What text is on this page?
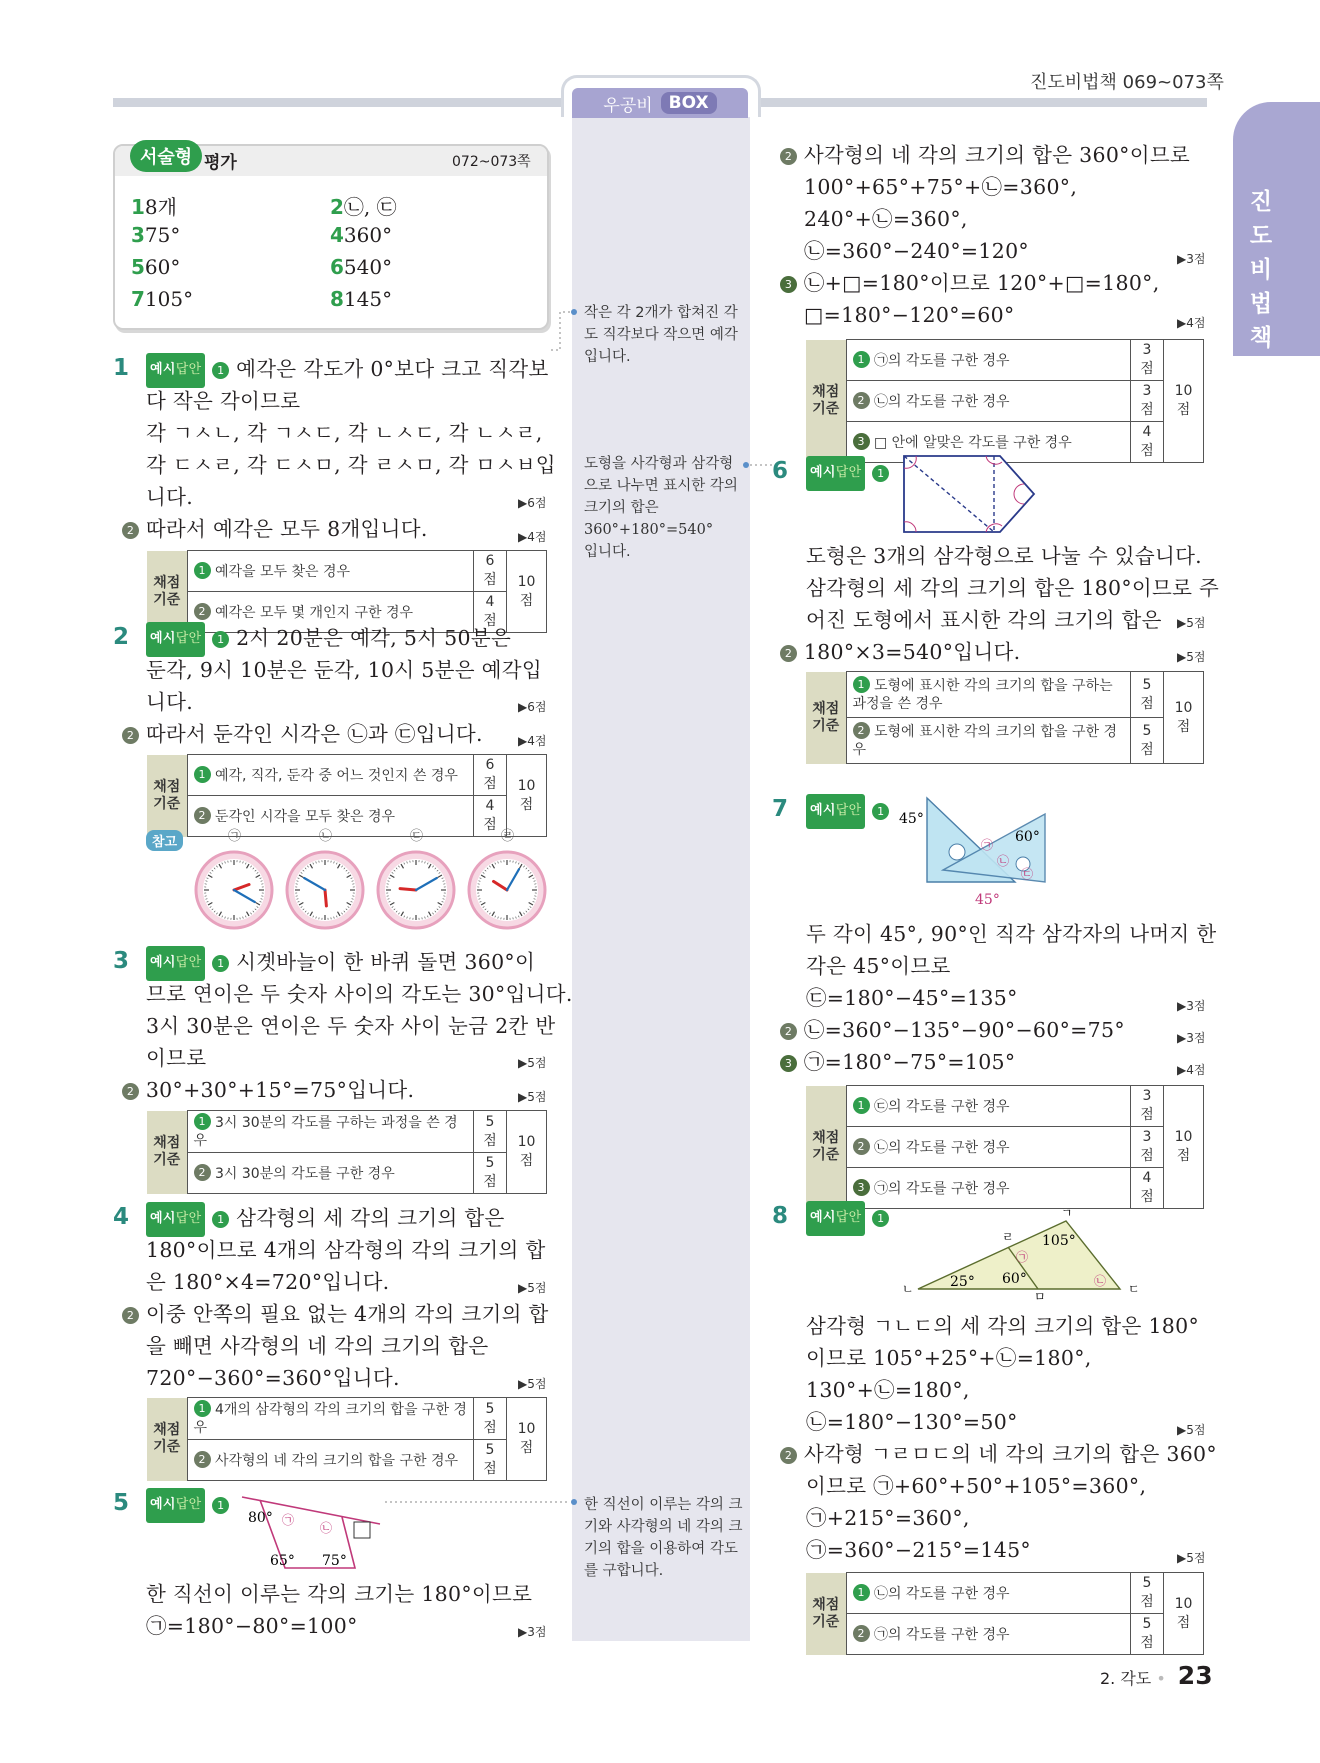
진도비법책 069~073쪽
우공비 BOX
진
도
비
법
책
서술형 평가	072~073쪽
18개	2㉡, ㉢
375°	4360°
560°	6540°
7105°	8145°
1	예시답안 1 예각은 각도가 0°보다 크고 직각보
다 작은 각이므로
각 ㄱㅅㄴ, 각 ㄱㅅㄷ, 각 ㄴㅅㄷ, 각 ㄴㅅㄹ,
각 ㄷㅅㄹ, 각 ㄷㅅㅁ, 각 ㄹㅅㅁ, 각 ㅁㅅㅂ입
니다.	▶6점
2 따라서 예각은 모두 8개입니다.	▶4점
채점
기준	1 예각을 모두 찾은 경우	6점	10점
	2 예각은 모두 몇 개인지 구한 경우	4점	
2	예시답안 1 2시 20분은 예각, 5시 50분은
둔각, 9시 10분은 둔각, 10시 5분은 예각입
니다.	▶6점
2 따라서 둔각인 시각은 ㉡과 ㉢입니다.	▶4점
채점
기준	1 예각, 직각, 둔각 중 어느 것인지 쓴 경우	6점	10점
	2 둔각인 시각을 모두 찾은 경우	4점	
참고	㉠	㉡	㉢	㉣
3	예시답안 1 시곗바늘이 한 바퀴 돌면 360°이
므로 연이은 두 숫자 사이의 각도는 30°입니다.
3시 30분은 연이은 두 숫자 사이 눈금 2칸 반
이므로	▶5점
2 30°+30°+15°=75°입니다.	▶5점
채점
기준	1 3시 30분의 각도를 구하는 과정을 쓴 경우	5점	10점
	2 3시 30분의 각도를 구한 경우	5점	
4	예시답안 1 삼각형의 세 각의 크기의 합은
180°이므로 4개의 삼각형의 각의 크기의 합
은 180°×4=720°입니다.	▶5점
2 이중 안쪽의 필요 없는 4개의 각의 크기의 합
을 빼면 사각형의 네 각의 크기의 합은
720°−360°=360°입니다.	▶5점
채점
기준	1 4개의 삼각형의 각의 크기의 합을 구한 경우	5점	10점
	2 사각형의 네 각의 크기의 합을 구한 경우	5점	
5	예시답안 1
80° ㉠
㉡
65° 75°
한 직선이 이루는 각의 크기는 180°이므로
㉠=180°−80°=100°	▶3점
작은 각 2개가 합쳐진 각도 직각보다 작으면 예각입니다.
도형을 사각형과 삼각형으로 나누면 표시한 각의 크기의 합은
360°+180°=540°
입니다.
한 직선이 이루는 각의 크기와 사각형의 네 각의 크기의 합을 이용하여 각도를 구합니다.
2 사각형의 네 각의 크기의 합은 360°이므로
100°+65°+75°+㉡=360°,
240°+㉡=360°,
㉡=360°−240°=120°	▶3점
3 ㉡+□=180°이므로 120°+□=180°,
□=180°−120°=60°	▶4점
채점
기준	1 ㉠의 각도를 구한 경우	3점	10점
	2 ㉡의 각도를 구한 경우	3점	
	3 □ 안에 알맞은 각도를 구한 경우	4점	
6	예시답안 1
도형은 3개의 삼각형으로 나눌 수 있습니다.
삼각형의 세 각의 크기의 합은 180°이므로 주
어진 도형에서 표시한 각의 크기의 합은 ▶5점
2 180°×3=540°입니다.	▶5점
채점
기준	1 도형에 표시한 각의 크기의 합을 구하는 과정을 쓴 경우	5점	10점
	2 도형에 표시한 각의 크기의 합을 구한 경우	5점	
7	예시답안 1	45°
60°
45°
㉠
㉡
㉢
두 각이 45°, 90°인 직각 삼각자의 나머지 한
각은 45°이므로
㉢=180°−45°=135°	▶3점
2 ㉡=360°−135°−90°−60°=75°	▶3점
3 ㉠=180°−75°=105°	▶4점
채점
기준	1 ㉢의 각도를 구한 경우	3점	10점
	2 ㉡의 각도를 구한 경우	3점	
	3 ㉠의 각도를 구한 경우	4점	
8	예시답안 1	ㄱ
ㄴ	ㄷ
ㄹ
ㅁ
105°
25° 60°
㉠
㉡
삼각형 ㄱㄴㄷ의 세 각의 크기의 합은 180°
이므로 105°+25°+㉡=180°,
130°+㉡=180°,
㉡=180°−130°=50°	▶5점
2 사각형 ㄱㄹㅁㄷ의 네 각의 크기의 합은 360°
이므로 ㉠+60°+50°+105°=360°,
㉠+215°=360°,
㉠=360°−215°=145°	▶5점
채점
기준	1 ㉡의 각도를 구한 경우	5점	10점
	2 ㉠의 각도를 구한 경우	5점	
2. 각도 • 23
